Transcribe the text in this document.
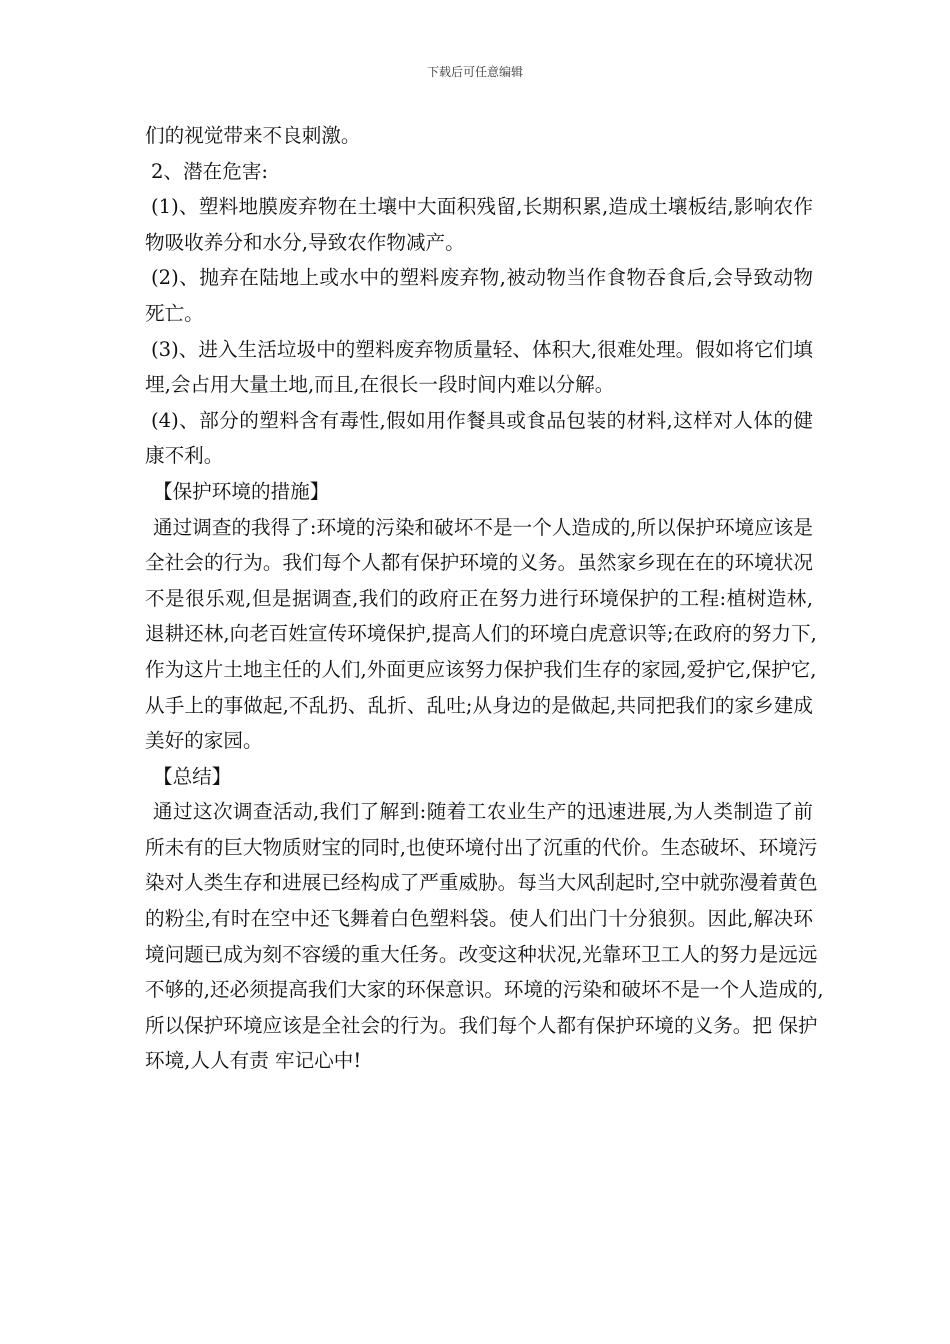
下载后可任意编辑
们的视觉带来不良刺激。
2、潜在危害:
(1)、塑料地膜废弃物在土壤中大面积残留,长期积累,造成土壤板结,影响农作
物吸收养分和水分,导致农作物减产。
(2)、抛弃在陆地上或水中的塑料废弃物,被动物当作食物吞食后,会导致动物
死亡。
(3)、进入生活垃圾中的塑料废弃物质量轻、体积大,很难处理。假如将它们填
埋,会占用大量土地,而且,在很长一段时间内难以分解。
(4)、部分的塑料含有毒性,假如用作餐具或食品包装的材料,这样对人体的健
康不利。
【保护环境的措施】
通过调查的我得了:环境的污染和破坏不是一个人造成的,所以保护环境应该是
全社会的行为。我们每个人都有保护环境的义务。虽然家乡现在在的环境状况
不是很乐观,但是据调查,我们的政府正在努力进行环境保护的工程:植树造林,
退耕还林,向老百姓宣传环境保护,提高人们的环境白虎意识等;在政府的努力下,
作为这片土地主任的人们,外面更应该努力保护我们生存的家园,爱护它,保护它,
从手上的事做起,不乱扔、乱折、乱吐;从身边的是做起,共同把我们的家乡建成
美好的家园。
【总结】
通过这次调查活动,我们了解到:随着工农业生产的迅速进展,为人类制造了前
所未有的巨大物质财宝的同时,也使环境付出了沉重的代价。生态破坏、环境污
染对人类生存和进展已经构成了严重威胁。每当大风刮起时,空中就弥漫着黄色
的粉尘,有时在空中还飞舞着白色塑料袋。使人们出门十分狼狈。因此,解决环
境问题已成为刻不容缓的重大任务。改变这种状况,光靠环卫工人的努力是远远
不够的,还必须提高我们大家的环保意识。环境的污染和破坏不是一个人造成的,
所以保护环境应该是全社会的行为。我们每个人都有保护环境的义务。把 保护
环境,人人有责 牢记心中!
